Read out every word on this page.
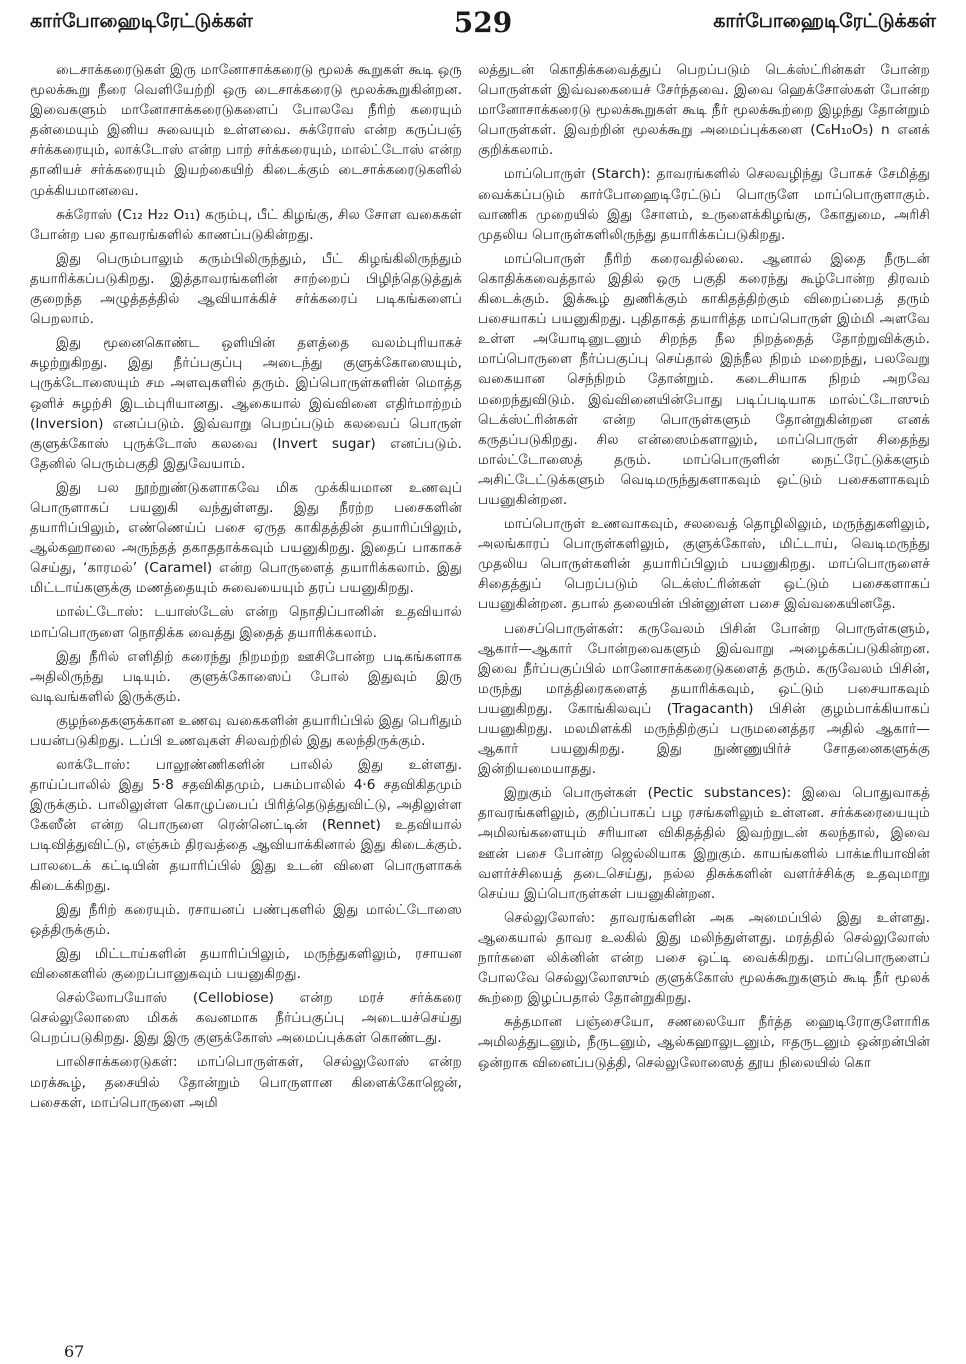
கார்போஹைடிரேட்டுக்கள்	529	கார்போஹைடிரேட்டுக்கள்

டைசாக்கரைடுகள் இரு மானோசாக்கரைடு மூலக் கூறுகள் கூடி ஒரு மூலக்கூறு நீரை வெளியேற்றி ஒரு டைசாக்கரைடு மூலக்கூறுகின்றன. இவைகளும் மானோசாக்கரைடுகளைப் போலவே நீரிற் கரையும் தன்மையும் இனிய சுவையும் உள்ளவை. சுக்ரோஸ் என்ற கருப்பஞ் சர்க்கரையும், லாக்டோஸ் என்ற பாற் சர்க்கரையும், மால்ட்டோஸ் என்ற தானியச் சர்க்கரையும் இயற்கையிற் கிடைக்கும் டைசாக்கரைடுகளில் முக்கியமானவை.

சுக்ரோஸ் (C₁₂ H₂₂ O₁₁) கரும்பு, பீட் கிழங்கு, சில சோள வகைகள் போன்ற பல தாவரங்களில் காணப்படுகின்றது.

இது பெரும்பாலும் கரும்பிலிருந்தும், பீட் கிழங்கிலிருந்தும் தயாரிக்கப்படுகிறது. இத்தாவரங்களின் சாற்றைப் பிழிந்தெடுத்துக் குறைந்த அழுத்தத்தில் ஆவியாக்கிச் சர்க்கரைப் படிகங்களைப் பெறலாம்.

இது மூனைகொண்ட ஒளியின் தளத்தை வலம்புரியாகச் சுழற்றுகிறது. இது நீர்ப்பகுப்பு அடைந்து குளுக்கோஸையும், புருக்டோஸையும் சம அளவுகளில் தரும். இப்பொருள்களின் மொத்த ஒளிச் சுழற்சி இடம்புரியானது. ஆகையால் இவ்வினை எதிர்மாற்றம் (Inversion) எனப்படும். இவ்வாறு பெறப்படும் கலவைப் பொருள் குளுக்கோஸ் புருக்டோஸ் கலவை (Invert sugar) எனப்படும். தேனில் பெரும்பகுதி இதுவேயாம்.

இது பல நூற்றுண்டுகளாகவே மிக முக்கியமான உணவுப் பொருளாகப் பயனுகி வந்துள்ளது. இது நீரற்ற பசைகளின் தயாரிப்பிலும், எண்ணெய்ப் பசை ஏருத காகிதத்தின் தயாரிப்பிலும், ஆல்கஹாலை அருந்தத் தகாததாக்கவும் பயனுகிறது. இதைப் பாகாகச் செய்து, ‘காரமல்’ (Caramel) என்ற பொருளைத் தயாரிக்கலாம். இது மிட்டாய்களுக்கு மணத்தையும் சுவையையும் தரப் பயனுகிறது.

மால்ட்டோஸ்: டயாஸ்டேஸ் என்ற நொதிப்பானின் உதவியால் மாப்பொருளை நொதிக்க வைத்து இதைத் தயாரிக்கலாம்.

இது நீரில் எளிதிற் கரைந்து நிறமற்ற ஊசிபோன்ற படிகங்களாக அதிலிருந்து படியும். குளுக்கோஸைப் போல் இதுவும் இரு வடிவங்களில் இருக்கும்.

குழந்தைகளுக்கான உணவு வகைகளின் தயாரிப்பில் இது பெரிதும் பயன்படுகிறது. டப்பி உணவுகள் சிலவற்றில் இது கலந்திருக்கும்.

லாக்டோஸ்: பாலூண்ணிகளின் பாலில் இது உள்ளது. தாய்ப்பாலில் இது 5·8 சதவிகிதமும், பசும்பாலில் 4·6 சதவிகிதமும் இருக்கும். பாலிலுள்ள கொழுப்பைப் பிரித்தெடுத்துவிட்டு, அதிலுள்ள கேஸீன் என்ற பொருளை ரென்னெட்டின் (Rennet) உதவியால் படிவித்துவிட்டு, எஞ்சும் திரவத்தை ஆவியாக்கினால் இது கிடைக்கும். பாலடைக் கட்டியின் தயாரிப்பில் இது உடன் விளை பொருளாகக் கிடைக்கிறது.

இது நீரிற் கரையும். ரசாயனப் பண்புகளில் இது மால்ட்டோஸை ஒத்திருக்கும்.

இது மிட்டாய்களின் தயாரிப்பிலும், மருந்துகளிலும், ரசாயன வினைகளில் குறைப்பானுகவும் பயனுகிறது.

செல்லோபயோஸ் (Cellobiose) என்ற மரச் சர்க்கரை செல்லுலோஸை மிகக் கவனமாக நீர்ப்பகுப்பு அடையச்செய்து பெறப்படுகிறது. இது இரு குளுக்கோஸ் அமைப்புக்கள் கொண்டது.

பாலிசாக்கரைடுகள்: மாப்பொருள்கள், செல்லுலோஸ் என்ற மரக்கூழ், தசையில் தோன்றும் பொருளான கிளைக்கோஜென், பசைகள், மாப்பொருளை அமி

லத்துடன் கொதிக்கவைத்துப் பெறப்படும் டெக்ஸ்ட்ரின்கள் போன்ற பொருள்கள் இவ்வகையைச் சேர்ந்தவை. இவை ஹெக்சோஸ்கள் போன்ற மானோசாக்கரைடு மூலக்கூறுகள் கூடி நீர் மூலக்கூற்றை இழந்து தோன்றும் பொருள்கள். இவற்றின் மூலக்கூறு அமைப்புக்களை (C₆H₁₀O₅) n எனக் குறிக்கலாம்.

மாப்பொருள் (Starch): தாவரங்களில் செலவழிந்து போகச் சேமித்து வைக்கப்படும் கார்போஹைடிரேட்டுப் பொருளே மாப்பொருளாகும். வாணிக முறையில் இது சோளம், உருளைக்கிழங்கு, கோதுமை, அரிசி முதலிய பொருள்களிலிருந்து தயாரிக்கப்படுகிறது.

மாப்பொருள் நீரிற் கரைவதில்லை. ஆனால் இதை நீருடன் கொதிக்கவைத்தால் இதில் ஒரு பகுதி கரைந்து கூழ்போன்ற திரவம் கிடைக்கும். இக்கூழ் துணிக்கும் காகிதத்திற்கும் விறைப்பைத் தரும் பசையாகப் பயனுகிறது. புதிதாகத் தயாரித்த மாப்பொருள் இம்மி அளவே உள்ள அயோடினுடனும் சிறந்த நீல நிறத்தைத் தோற்றுவிக்கும். மாப்பொருளை நீர்ப்பகுப்பு செய்தால் இந்நீல நிறம் மறைந்து, பலவேறு வகையான செந்நிறம் தோன்றும். கடைசியாக நிறம் அறவே மறைந்துவிடும். இவ்வினையின்போது படிப்படியாக மால்ட்டோஸும் டெக்ஸ்ட்ரின்கள் என்ற பொருள்களும் தோன்றுகின்றன எனக் கருதப்படுகிறது. சில என்ஸைம்களாலும், மாப்பொருள் சிதைந்து மால்ட்டோஸைத் தரும். மாப்பொருளின் நைட்ரேட்டுக்களும் அசிட்டேட்டுக்களும் வெடிமருந்துகளாகவும் ஒட்டும் பசைகளாகவும் பயனுகின்றன.

மாப்பொருள் உணவாகவும், சலவைத் தொழிலிலும், மருந்துகளிலும், அலங்காரப் பொருள்களிலும், குளுக்கோஸ், மிட்டாய், வெடிமருந்து முதலிய பொருள்களின் தயாரிப்பிலும் பயனுகிறது. மாப்பொருளைச் சிதைத்துப் பெறப்படும் டெக்ஸ்ட்ரின்கள் ஒட்டும் பசைகளாகப் பயனுகின்றன. தபால் தலையின் பின்னுள்ள பசை இவ்வகையினதே.

பசைப்பொருள்கள்: கருவேலம் பிசின் போன்ற பொருள்களும், ஆகார்—ஆகார் போன்றவைகளும் இவ்வாறு அழைக்கப்படுகின்றன. இவை நீர்ப்பகுப்பில் மானோசாக்கரைடுகளைத் தரும். கருவேலம் பிசின், மருந்து மாத்திரைகளைத் தயாரிக்கவும், ஒட்டும் பசையாகவும் பயனுகிறது. கோங்கிலவுப் (Tragacanth) பிசின் குழம்பாக்கியாகப் பயனுகிறது. மலமிளக்கி மருந்திற்குப் பருமனைத்தர அதில் ஆகார்—ஆகார் பயனுகிறது. இது நுண்ணுயிர்ச் சோதனைகளுக்கு இன்றியமையாதது.

இறுகும் பொருள்கள் (Pectic substances): இவை பொதுவாகத் தாவரங்களிலும், குறிப்பாகப் பழ ரசங்களிலும் உள்ளன. சர்க்கரையையும் அமிலங்களையும் சரியான விகிதத்தில் இவற்றுடன் கலந்தால், இவை ஊன் பசை போன்ற ஜெல்லியாக இறுகும். காயங்களில் பாக்டீரியாவின் வளர்ச்சியைத் தடைசெய்து, நல்ல திசுக்களின் வளர்ச்சிக்கு உதவுமாறு செய்ய இப்பொருள்கள் பயனுகின்றன.

செல்லுலோஸ்: தாவரங்களின் அக அமைப்பில் இது உள்ளது. ஆகையால் தாவர உலகில் இது மலிந்துள்ளது. மரத்தில் செல்லுலோஸ் நார்களை லிக்னின் என்ற பசை ஒட்டி வைக்கிறது. மாப்பொருளைப் போலவே செல்லுலோஸும் குளுக்கோஸ் மூலக்கூறுகளும் கூடி நீர் மூலக் கூற்றை இழப்பதால் தோன்றுகிறது.

சுத்தமான பஞ்சையோ, சணலையோ நீர்த்த ஹைடிரோகுளோரிக அமிலத்துடனும், நீருடனும், ஆல்கஹாலுடனும், ஈதருடனும் ஒன்றன்பின் ஒன்றாக வினைப்படுத்தி, செல்லுலோஸைத் தூய நிலையில் கொ

67
